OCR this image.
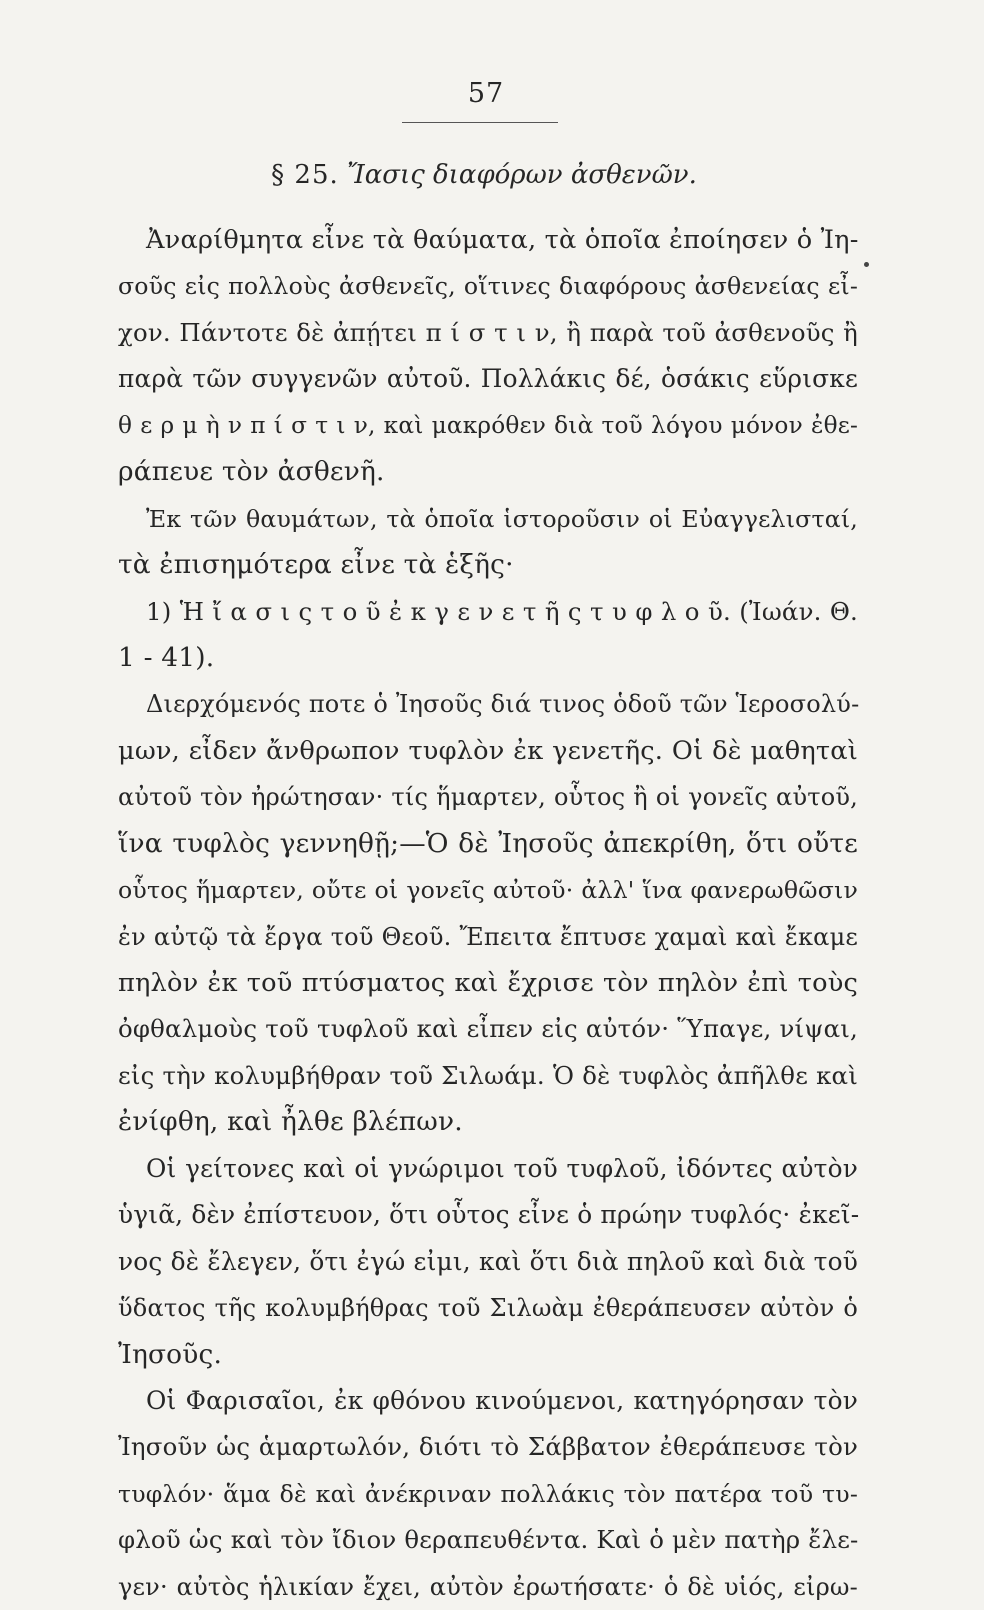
57
§ 25. Ἴασις διαφόρων ἀσθενῶν.
Ἀναρίθμητα εἶνε τὰ θαύματα, τὰ ὁποῖα ἐποίησεν ὁ Ἰη-
σοῦς εἰς πολλοὺς ἀσθενεῖς, οἵτινες διαφόρους ἀσθενείας εἶ-
χον. Πάντοτε δὲ ἀπῄτει π ί σ τ ι ν, ἢ παρὰ τοῦ ἀσθενοῦς ἢ
παρὰ τῶν συγγενῶν αὐτοῦ. Πολλάκις δέ, ὁσάκις εὕρισκε
θ ε ρ μ ὴ ν π ί σ τ ι ν, καὶ μακρόθεν διὰ τοῦ λόγου μόνον ἐθε-
ράπευε τὸν ἀσθενῆ.
Ἐκ τῶν θαυμάτων, τὰ ὁποῖα ἱστοροῦσιν οἱ Εὐαγγελισταί,
τὰ ἐπισημότερα εἶνε τὰ ἑξῆς·
1) Ἡ ἴ α σ ι ς τ ο ῦ ἐ κ γ ε ν ε τ ῆ ς τ υ φ λ ο ῦ. (Ἰωάν. Θ.
1 - 41).
Διερχόμενός ποτε ὁ Ἰησοῦς διά τινος ὁδοῦ τῶν Ἱεροσολύ-
μων, εἶδεν ἄνθρωπον τυφλὸν ἐκ γενετῆς. Οἱ δὲ μαθηταὶ
αὐτοῦ τὸν ἠρώτησαν· τίς ἥμαρτεν, οὗτος ἢ οἱ γονεῖς αὐτοῦ,
ἵνα τυφλὸς γεννηθῇ;—Ὁ δὲ Ἰησοῦς ἀπεκρίθη, ὅτι οὔτε
οὗτος ἥμαρτεν, οὔτε οἱ γονεῖς αὐτοῦ· ἀλλ' ἵνα φανερωθῶσιν
ἐν αὐτῷ τὰ ἔργα τοῦ Θεοῦ. Ἔπειτα ἔπτυσε χαμαὶ καὶ ἔκαμε
πηλὸν ἐκ τοῦ πτύσματος καὶ ἔχρισε τὸν πηλὸν ἐπὶ τοὺς
ὀφθαλμοὺς τοῦ τυφλοῦ καὶ εἶπεν εἰς αὐτόν· Ὕπαγε, νίψαι,
εἰς τὴν κολυμβήθραν τοῦ Σιλωάμ. Ὁ δὲ τυφλὸς ἀπῆλθε καὶ
ἐνίφθη, καὶ ἦλθε βλέπων.
Οἱ γείτονες καὶ οἱ γνώριμοι τοῦ τυφλοῦ, ἰδόντες αὐτὸν
ὑγιᾶ, δὲν ἐπίστευον, ὅτι οὗτος εἶνε ὁ πρώην τυφλός· ἐκεῖ-
νος δὲ ἔλεγεν, ὅτι ἐγώ εἰμι, καὶ ὅτι διὰ πηλοῦ καὶ διὰ τοῦ
ὕδατος τῆς κολυμβήθρας τοῦ Σιλωὰμ ἐθεράπευσεν αὐτὸν ὁ
Ἰησοῦς.
Οἱ Φαρισαῖοι, ἐκ φθόνου κινούμενοι, κατηγόρησαν τὸν
Ἰησοῦν ὡς ἁμαρτωλόν, διότι τὸ Σάββατον ἐθεράπευσε τὸν
τυφλόν· ἅμα δὲ καὶ ἀνέκριναν πολλάκις τὸν πατέρα τοῦ τυ-
φλοῦ ὡς καὶ τὸν ἴδιον θεραπευθέντα. Καὶ ὁ μὲν πατὴρ ἔλε-
γεν· αὐτὸς ἡλικίαν ἔχει, αὐτὸν ἐρωτήσατε· ὁ δὲ υἱός, εἰρω-
